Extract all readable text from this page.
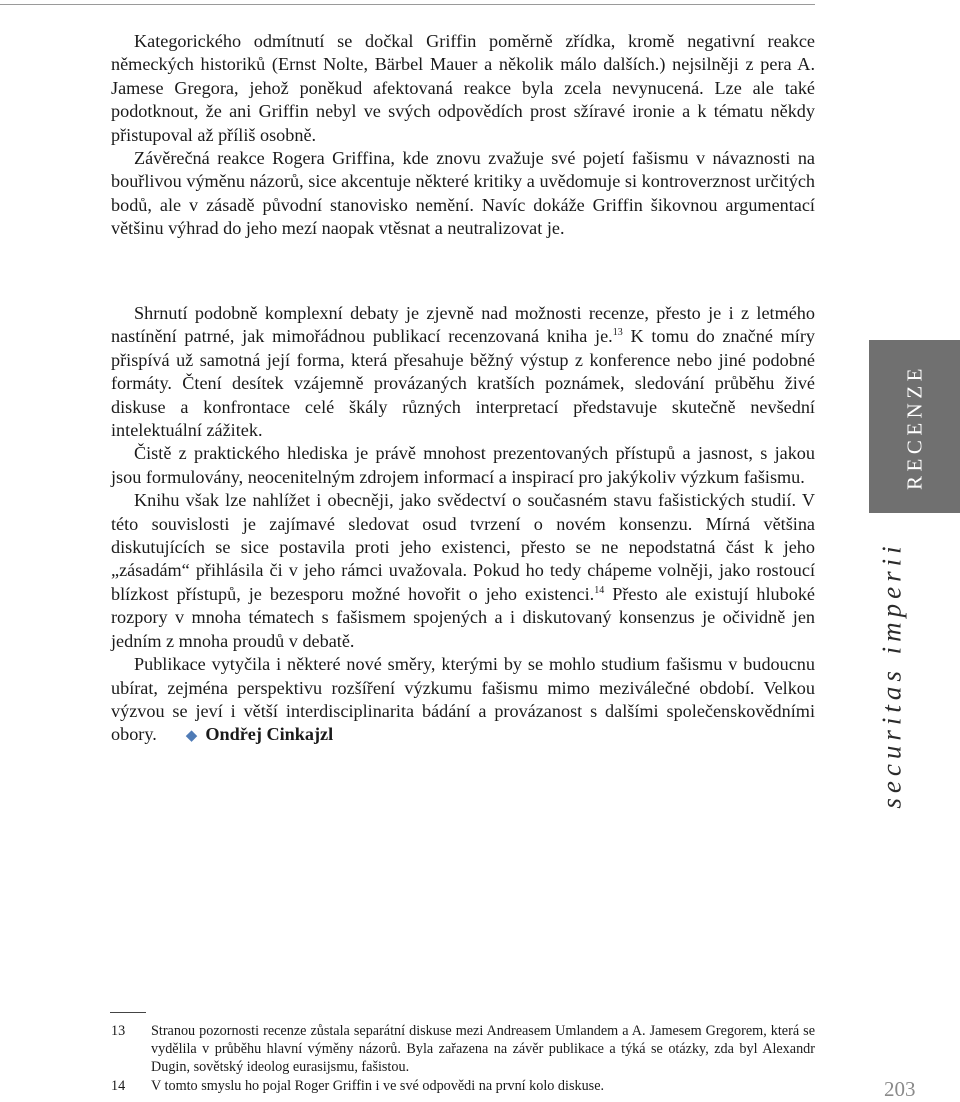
Kategorického odmítnutí se dočkal Griffin poměrně zřídka, kromě negativní reakce německých historiků (Ernst Nolte, Bärbel Mauer a několik málo dalších.) nejsilněji z pera A. Jamese Gregora, jehož poněkud afektovaná reakce byla zcela nevynucená. Lze ale také podotknout, že ani Griffin nebyl ve svých odpovědích prost sžíravé ironie a k tématu někdy přistupoval až příliš osobně.

Závěrečná reakce Rogera Griffina, kde znovu zvažuje své pojetí fašismu v návaznosti na bouřlivou výměnu názorů, sice akcentuje některé kritiky a uvědomuje si kontroverznost určitých bodů, ale v zásadě původní stanovisko nemění. Navíc dokáže Griffin šikovnou argumentací většinu výhrad do jeho mezí naopak vtěsnat a neutralizovat je.

Shrnutí podobně komplexní debaty je zjevně nad možnosti recenze, přesto je i z letmého nastínění patrné, jak mimořádnou publikací recenzovaná kniha je.$^{13}$ K tomu do značné míry přispívá už samotná její forma, která přesahuje běžný výstup z konference nebo jiné podobné formáty. Čtení desítek vzájemně provázaných kratších poznámek, sledování průběhu živé diskuse a konfrontace celé škály různých interpretací představuje skutečně nevšední intelektuální zážitek.

Čistě z praktického hlediska je právě mnohost prezentovaných přístupů a jasnost, s jakou jsou formulovány, neocenitelným zdrojem informací a inspirací pro jakýkoliv výzkum fašismu.

Knihu však lze nahlížet i obecněji, jako svědectví o současném stavu fašistických studií. V této souvislosti je zajímavé sledovat osud tvrzení o novém konsenzu. Mírná většina diskutujících se sice postavila proti jeho existenci, přesto se ne nepodstatná část k jeho „zásadám“ přihlásila či v jeho rámci uvažovala. Pokud ho tedy chápeme volněji, jako rostoucí blízkost přístupů, je bezesporu možné hovořit o jeho existenci.$^{14}$ Přesto ale existují hluboké rozpory v mnoha tématech s fašismem spojených a i diskutovaný konsenzus je očividně jen jedním z mnoha proudů v debatě.

Publikace vytyčila i některé nové směry, kterými by se mohlo studium fašismu v budoucnu ubírat, zejména perspektivu rozšíření výzkumu fašismu mimo meziválečné období. Velkou výzvou se jeví i větší interdisciplinarita bádání a provázanost s dalšími společenskovědními obory. ◆ Ondřej Cinkajzl

RECENZE
securitas imperii

13	Stranou pozornosti recenze zůstala separátní diskuse mezi Andreasem Umlandem a A. Jamesem Gregorem, která se vydělila v průběhu hlavní výměny názorů. Byla zařazena na závěr publikace a týká se otázky, zda byl Alexandr Dugin, sovětský ideolog eurasijsmu, fašistou.

14	V tomto smyslu ho pojal Roger Griffin i ve své odpovědi na první kolo diskuse.	203
